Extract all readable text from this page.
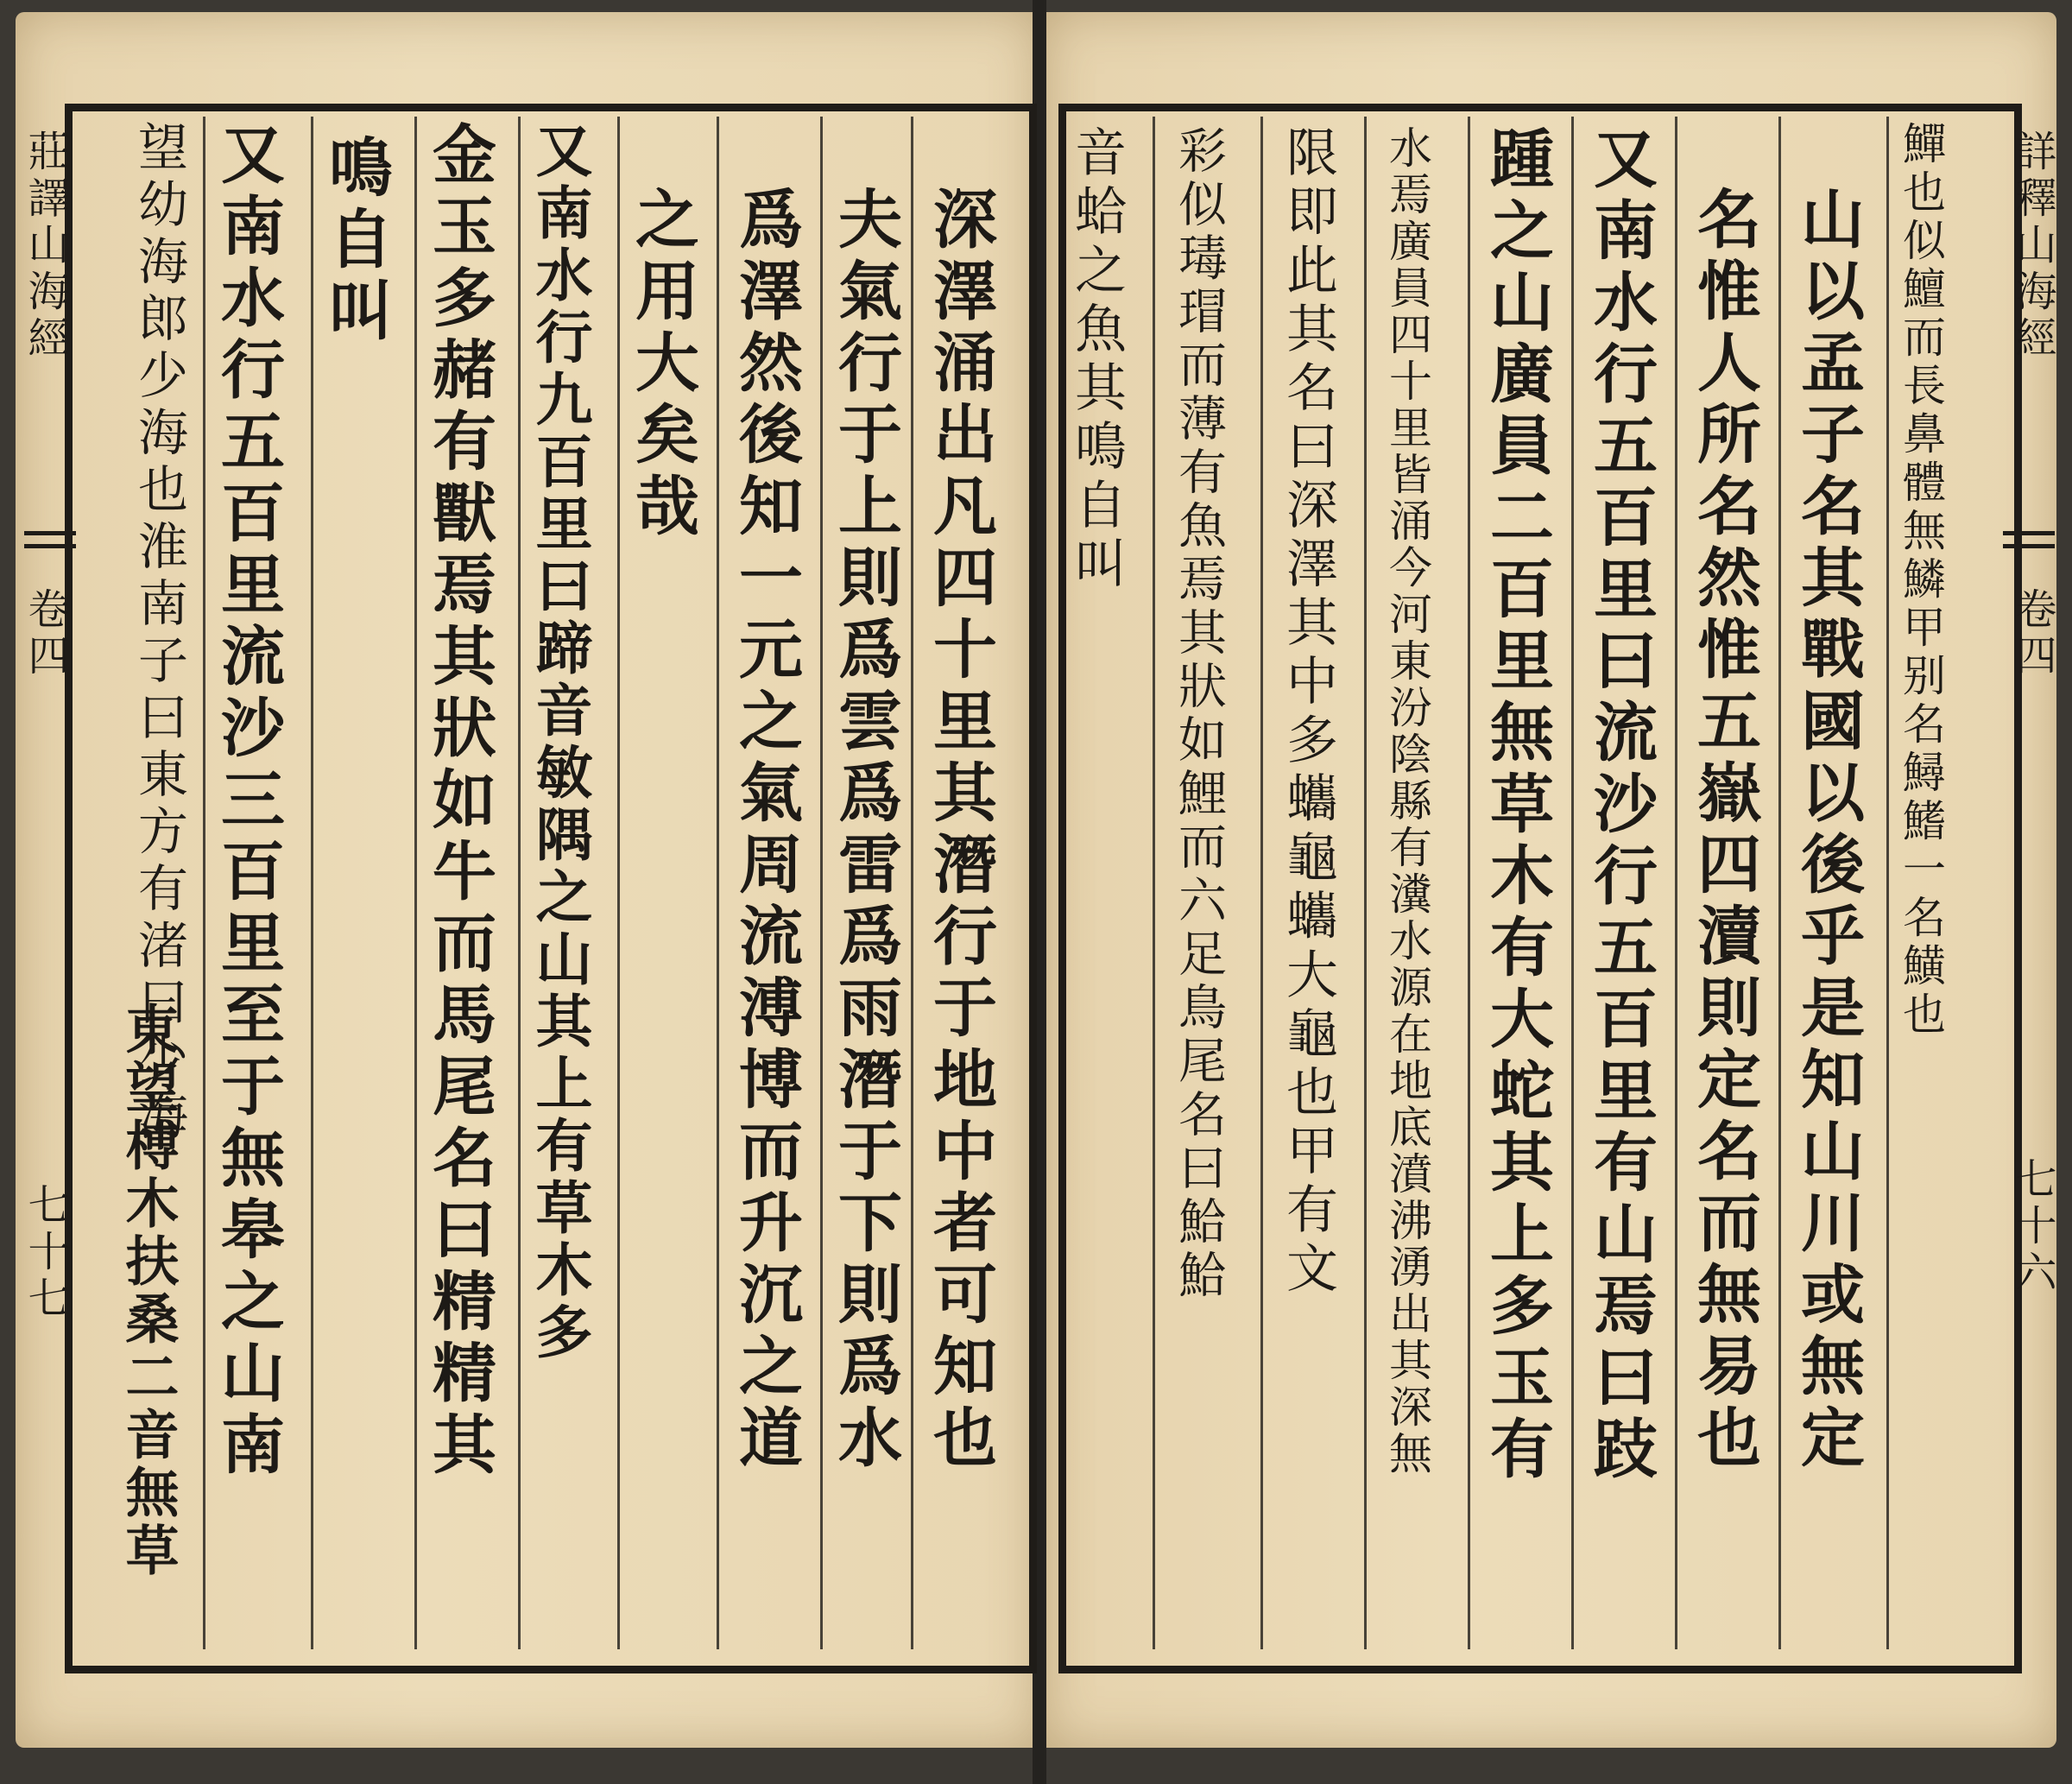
莊譯山海經
卷四
七十七	深澤涌出凡四十里其潛行于地中者可知也
夫氣行于上則爲雲爲雷爲雨潛于下則爲水
爲澤然後知一元之氣周流溥博而升沉之道
之用大矣哉
又南水行九百里曰蹄音敏隅之山其上有草木多
金玉多赭有獸焉其狀如牛而馬尾名曰精精其
鳴自叫
又南水行五百里流沙三百里至于無皋之山南
望幼海郎少海也淮南子曰東方有渚曰少海
東望榑木扶桑二音無草
詳釋山海經
卷四
七十六
鱓也似鱣而長鼻體無鱗甲别名鱘鰭一名鱑也
山以孟子名其戰國以後乎是知山川或無定
名惟人所名然惟五嶽四瀆則定名而無易也
又南水行五百里曰流沙行五百里有山焉曰跂
踵之山廣員二百里無草木有大蛇其上多玉有
水焉廣員四十里皆涌今河東汾陰縣有瀵水源在地底濆沸湧出其深無
限即此其名曰深澤其中多蠵龜蠵大龜也甲有文
彩似瑇瑁而薄有魚焉其狀如鯉而六足鳥尾名曰鮯鮯
音蛤之魚其鳴自叫
